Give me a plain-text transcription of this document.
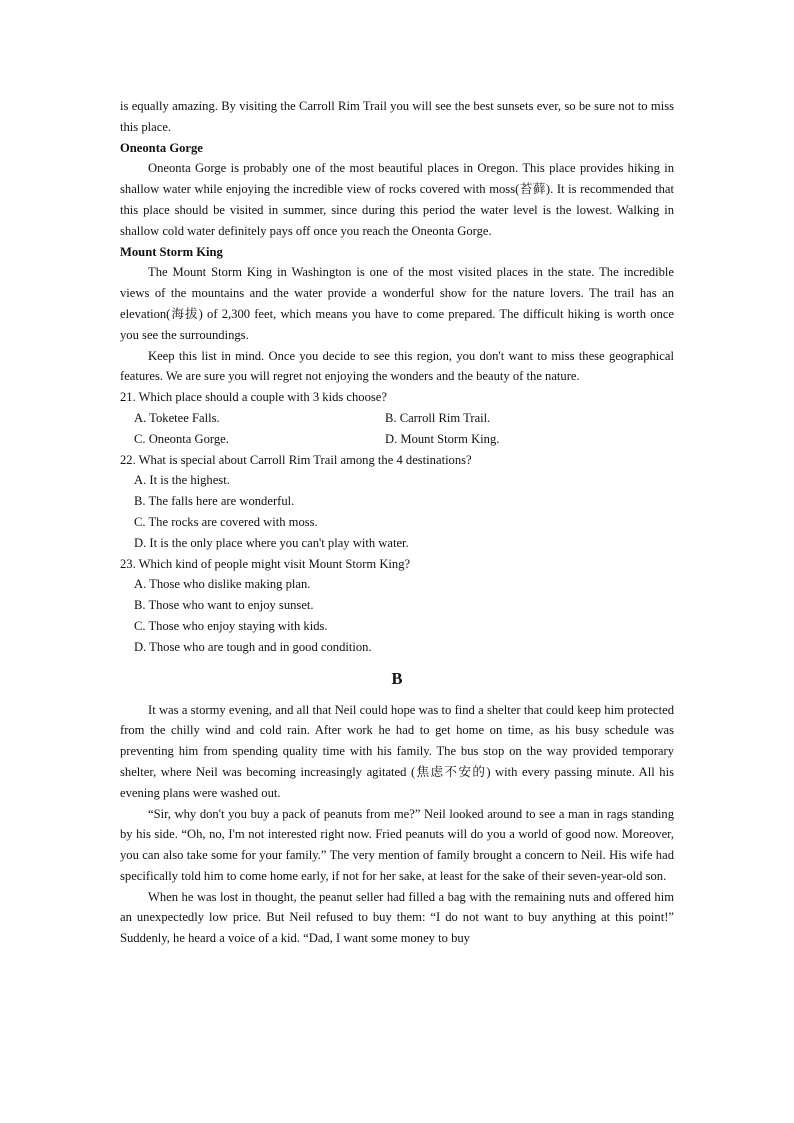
is equally amazing. By visiting the Carroll Rim Trail you will see the best sunsets ever, so be sure not to miss this place.

Oneonta Gorge

Oneonta Gorge is probably one of the most beautiful places in Oregon. This place provides hiking in shallow water while enjoying the incredible view of rocks covered with moss(苔藓). It is recommended that this place should be visited in summer, since during this period the water level is the lowest. Walking in shallow cold water definitely pays off once you reach the Oneonta Gorge.

Mount Storm King

The Mount Storm King in Washington is one of the most visited places in the state. The incredible views of the mountains and the water provide a wonderful show for the nature lovers. The trail has an elevation(海拔) of 2,300 feet, which means you have to come prepared. The difficult hiking is worth once you see the surroundings.

Keep this list in mind. Once you decide to see this region, you don't want to miss these geographical features. We are sure you will regret not enjoying the wonders and the beauty of the nature.

21. Which place should a couple with 3 kids choose?

A. Toketee Falls.	B. Carroll Rim Trail.
C. Oneonta Gorge.	D. Mount Storm King.

22. What is special about Carroll Rim Trail among the 4 destinations?

A. It is the highest.

B. The falls here are wonderful.

C. The rocks are covered with moss.

D. It is the only place where you can't play with water.

23. Which kind of people might visit Mount Storm King?

A. Those who dislike making plan.

B. Those who want to enjoy sunset.

C. Those who enjoy staying with kids.

D. Those who are tough and in good condition.

B

It was a stormy evening, and all that Neil could hope was to find a shelter that could keep him protected from the chilly wind and cold rain. After work he had to get home on time, as his busy schedule was preventing him from spending quality time with his family. The bus stop on the way provided temporary shelter, where Neil was becoming increasingly agitated (焦虑不安的) with every passing minute. All his evening plans were washed out.

“Sir, why don't you buy a pack of peanuts from me?” Neil looked around to see a man in rags standing by his side. “Oh, no, I'm not interested right now. Fried peanuts will do you a world of good now. Moreover, you can also take some for your family.” The very mention of family brought a concern to Neil. His wife had specifically told him to come home early, if not for her sake, at least for the sake of their seven-year-old son.

When he was lost in thought, the peanut seller had filled a bag with the remaining nuts and offered him an unexpectedly low price. But Neil refused to buy them: “I do not want to buy anything at this point!” Suddenly, he heard a voice of a kid. “Dad, I want some money to buy
